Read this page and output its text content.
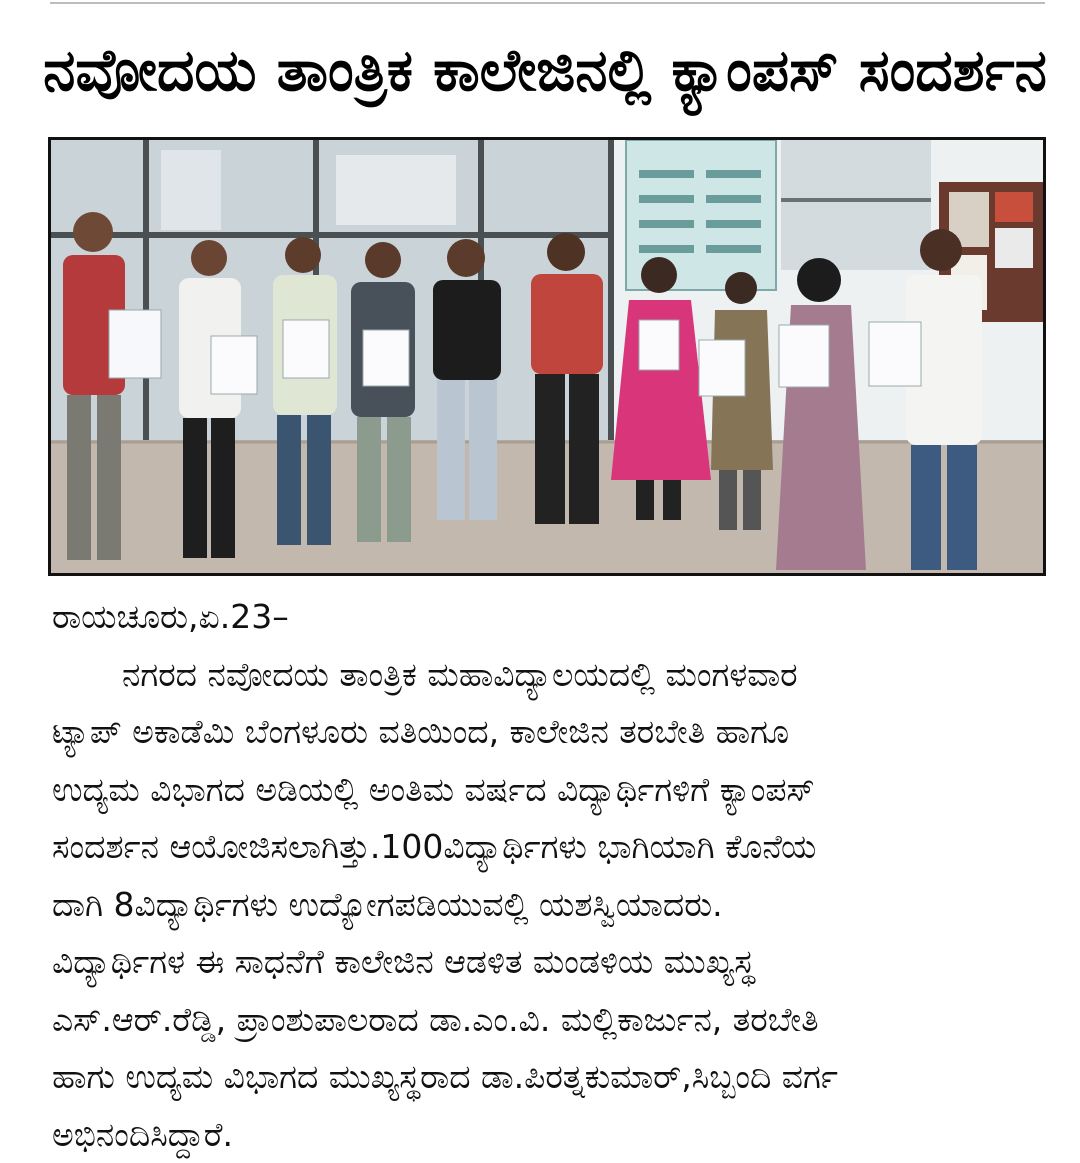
ನವೋದಯ ತಾಂತ್ರಿಕ ಕಾಲೇಜಿನಲ್ಲಿ ಕ್ಯಾಂಪಸ್ ಸಂದರ್ಶನ
ರಾಯಚೂರು,ಏ.23–
ನಗರದ ನವೋದಯ ತಾಂತ್ರಿಕ ಮಹಾವಿದ್ಯಾಲಯದಲ್ಲಿ ಮಂಗಳವಾರ
ಟ್ಯಾಪ್ ಅಕಾಡೆಮಿ ಬೆಂಗಳೂರು ವತಿಯಿಂದ, ಕಾಲೇಜಿನ ತರಬೇತಿ ಹಾಗೂ
ಉದ್ಯಮ ವಿಭಾಗದ ಅಡಿಯಲ್ಲಿ ಅಂತಿಮ ವರ್ಷದ ವಿದ್ಯಾರ್ಥಿಗಳಿಗೆ ಕ್ಯಾಂಪಸ್
ಸಂದರ್ಶನ ಆಯೋಜಿಸಲಾಗಿತ್ತು.100ವಿದ್ಯಾರ್ಥಿಗಳು ಭಾಗಿಯಾಗಿ ಕೊನೆಯ
ದಾಗಿ 8ವಿದ್ಯಾರ್ಥಿಗಳು ಉದ್ಯೋಗಪಡಿಯುವಲ್ಲಿ ಯಶಸ್ವಿಯಾದರು.
ವಿದ್ಯಾರ್ಥಿಗಳ ಈ ಸಾಧನೆಗೆ ಕಾಲೇಜಿನ ಆಡಳಿತ ಮಂಡಳಿಯ ಮುಖ್ಯಸ್ಥ
ಎಸ್.ಆರ್.ರೆಡ್ಡಿ, ಪ್ರಾಂಶುಪಾಲರಾದ ಡಾ.ಎಂ.ವಿ. ಮಲ್ಲಿಕಾರ್ಜುನ, ತರಬೇತಿ
ಹಾಗು ಉದ್ಯಮ ವಿಭಾಗದ ಮುಖ್ಯಸ್ಥರಾದ ಡಾ.ಪಿರತ್ನಕುಮಾರ್,ಸಿಬ್ಬಂದಿ ವರ್ಗ
ಅಭಿನಂದಿಸಿದ್ದಾರೆ.
